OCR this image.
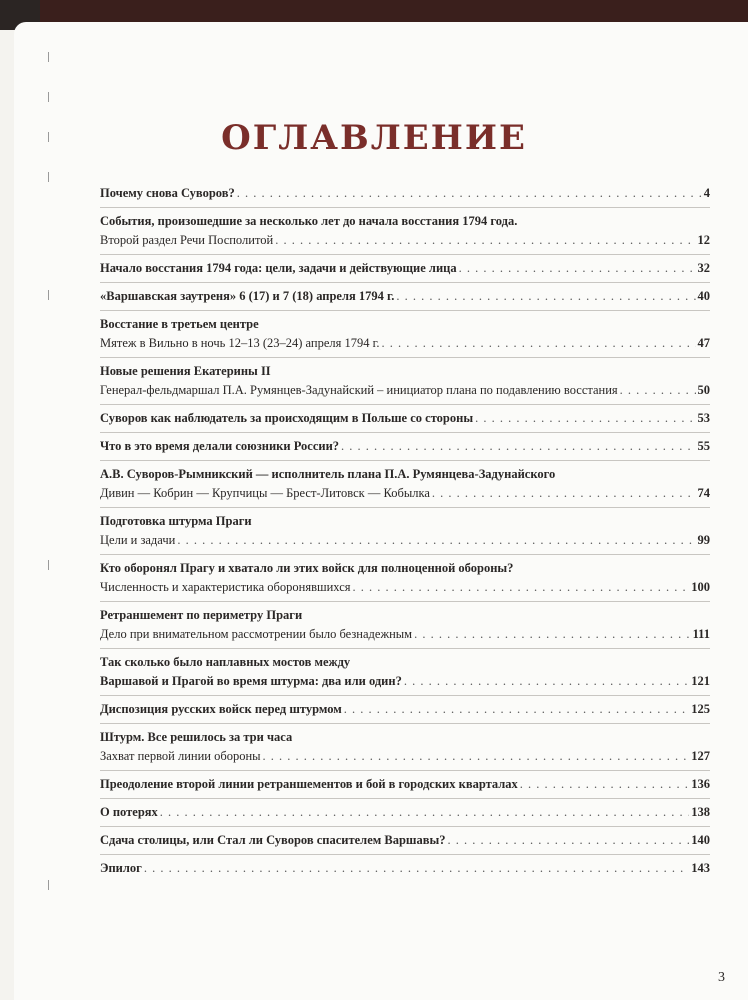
ОГЛАВЛЕНИЕ
Почему снова Суворов? . . .	4
События, произошедшие за несколько лет до начала восстания 1794 года.
Второй раздел Речи Посполитой . . .	12
Начало восстания 1794 года: цели, задачи и действующие лица . . .	32
«Варшавская заутреня» 6 (17) и 7 (18) апреля 1794 г. . . .	40
Восстание в третьем центре
Мятеж в Вильно в ночь 12–13 (23–24) апреля 1794 г. . . .	47
Новые решения Екатерины II
Генерал-фельдмаршал П.А. Румянцев-Задунайский – инициатор плана по подавлению восстания . . .	50
Суворов как наблюдатель за происходящим в Польше со стороны . . .	53
Что в это время делали союзники России? . . .	55
А.В. Суворов-Рымникский — исполнитель плана П.А. Румянцева-Задунайского
Дивин — Кобрин — Крупчицы — Брест-Литовск — Кобылка . . .	74
Подготовка штурма Праги
Цели и задачи . . .	99
Кто оборонял Прагу и хватало ли этих войск для полноценной обороны?
Численность и характеристика оборонявшихся . . .	100
Ретраншемент по периметру Праги
Дело при внимательном рассмотрении было безнадежным . . .	111
Так сколько было наплавных мостов между
Варшавой и Прагой во время штурма: два или один? . . .	121
Диспозиция русских войск перед штурмом . . .	125
Штурм. Все решилось за три часа
Захват первой линии обороны . . .	127
Преодоление второй линии ретраншементов и бой в городских кварталах . . .	136
О потерях . . .	138
Сдача столицы, или Стал ли Суворов спасителем Варшавы? . . .	140
Эпилог . . .	143
3
